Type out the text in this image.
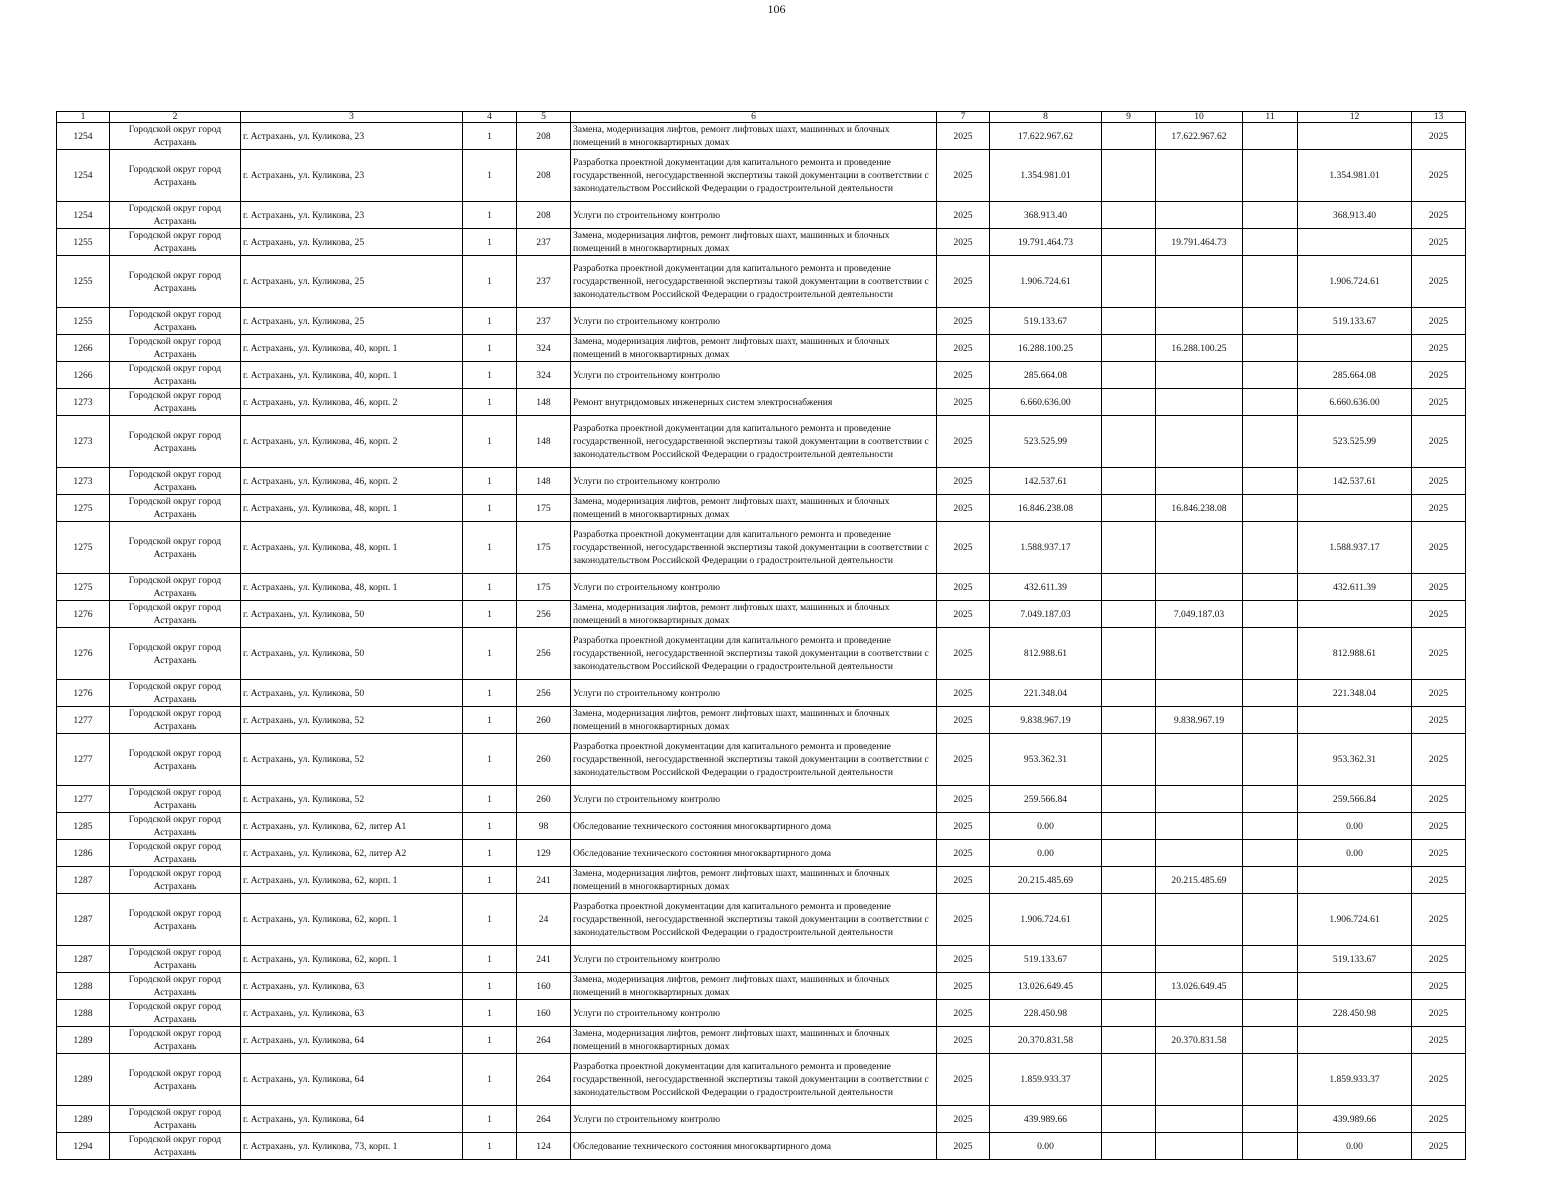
106
1	2	3	4	5	6	7	8	9	10	11	12	13
1254	Городской округ город Астрахань	г. Астрахань, ул. Куликова, 23	1	208	Замена, модернизация лифтов, ремонт лифтовых шахт, машинных и блочных помещений в многоквартирных домах	2025	17.622.967.62		17.622.967.62			2025
1254	Городской округ город Астрахань	г. Астрахань, ул. Куликова, 23	1	208	Разработка проектной документации для капитального ремонта и проведение государственной, негосударственной экспертизы такой документации в соответствии с законодательством Российской Федерации о градостроительной деятельности	2025	1.354.981.01				1.354.981.01	2025
1254	Городской округ город Астрахань	г. Астрахань, ул. Куликова, 23	1	208	Услуги по строительному контролю	2025	368.913.40				368.913.40	2025
1255	Городской округ город Астрахань	г. Астрахань, ул. Куликова, 25	1	237	Замена, модернизация лифтов, ремонт лифтовых шахт, машинных и блочных помещений в многоквартирных домах	2025	19.791.464.73		19.791.464.73			2025
1255	Городской округ город Астрахань	г. Астрахань, ул. Куликова, 25	1	237	Разработка проектной документации для капитального ремонта и проведение государственной, негосударственной экспертизы такой документации в соответствии с законодательством Российской Федерации о градостроительной деятельности	2025	1.906.724.61				1.906.724.61	2025
1255	Городской округ город Астрахань	г. Астрахань, ул. Куликова, 25	1	237	Услуги по строительному контролю	2025	519.133.67				519.133.67	2025
1266	Городской округ город Астрахань	г. Астрахань, ул. Куликова, 40, корп. 1	1	324	Замена, модернизация лифтов, ремонт лифтовых шахт, машинных и блочных помещений в многоквартирных домах	2025	16.288.100.25		16.288.100.25			2025
1266	Городской округ город Астрахань	г. Астрахань, ул. Куликова, 40, корп. 1	1	324	Услуги по строительному контролю	2025	285.664.08				285.664.08	2025
1273	Городской округ город Астрахань	г. Астрахань, ул. Куликова, 46, корп. 2	1	148	Ремонт внутридомовых инженерных систем электроснабжения	2025	6.660.636.00				6.660.636.00	2025
1273	Городской округ город Астрахань	г. Астрахань, ул. Куликова, 46, корп. 2	1	148	Разработка проектной документации для капитального ремонта и проведение государственной, негосударственной экспертизы такой документации в соответствии с законодательством Российской Федерации о градостроительной деятельности	2025	523.525.99				523.525.99	2025
1273	Городской округ город Астрахань	г. Астрахань, ул. Куликова, 46, корп. 2	1	148	Услуги по строительному контролю	2025	142.537.61				142.537.61	2025
1275	Городской округ город Астрахань	г. Астрахань, ул. Куликова, 48, корп. 1	1	175	Замена, модернизация лифтов, ремонт лифтовых шахт, машинных и блочных помещений в многоквартирных домах	2025	16.846.238.08		16.846.238.08			2025
1275	Городской округ город Астрахань	г. Астрахань, ул. Куликова, 48, корп. 1	1	175	Разработка проектной документации для капитального ремонта и проведение государственной, негосударственной экспертизы такой документации в соответствии с законодательством Российской Федерации о градостроительной деятельности	2025	1.588.937.17				1.588.937.17	2025
1275	Городской округ город Астрахань	г. Астрахань, ул. Куликова, 48, корп. 1	1	175	Услуги по строительному контролю	2025	432.611.39				432.611.39	2025
1276	Городской округ город Астрахань	г. Астрахань, ул. Куликова, 50	1	256	Замена, модернизация лифтов, ремонт лифтовых шахт, машинных и блочных помещений в многоквартирных домах	2025	7.049.187.03		7.049.187.03			2025
1276	Городской округ город Астрахань	г. Астрахань, ул. Куликова, 50	1	256	Разработка проектной документации для капитального ремонта и проведение государственной, негосударственной экспертизы такой документации в соответствии с законодательством Российской Федерации о градостроительной деятельности	2025	812.988.61				812.988.61	2025
1276	Городской округ город Астрахань	г. Астрахань, ул. Куликова, 50	1	256	Услуги по строительному контролю	2025	221.348.04				221.348.04	2025
1277	Городской округ город Астрахань	г. Астрахань, ул. Куликова, 52	1	260	Замена, модернизация лифтов, ремонт лифтовых шахт, машинных и блочных помещений в многоквартирных домах	2025	9.838.967.19		9.838.967.19			2025
1277	Городской округ город Астрахань	г. Астрахань, ул. Куликова, 52	1	260	Разработка проектной документации для капитального ремонта и проведение государственной, негосударственной экспертизы такой документации в соответствии с законодательством Российской Федерации о градостроительной деятельности	2025	953.362.31				953.362.31	2025
1277	Городской округ город Астрахань	г. Астрахань, ул. Куликова, 52	1	260	Услуги по строительному контролю	2025	259.566.84				259.566.84	2025
1285	Городской округ город Астрахань	г. Астрахань, ул. Куликова, 62, литер А1	1	98	Обследование технического состояния многоквартирного дома	2025	0.00				0.00	2025
1286	Городской округ город Астрахань	г. Астрахань, ул. Куликова, 62, литер А2	1	129	Обследование технического состояния многоквартирного дома	2025	0.00				0.00	2025
1287	Городской округ город Астрахань	г. Астрахань, ул. Куликова, 62, корп. 1	1	241	Замена, модернизация лифтов, ремонт лифтовых шахт, машинных и блочных помещений в многоквартирных домах	2025	20.215.485.69		20.215.485.69			2025
1287	Городской округ город Астрахань	г. Астрахань, ул. Куликова, 62, корп. 1	1	24	Разработка проектной документации для капитального ремонта и проведение государственной, негосударственной экспертизы такой документации в соответствии с законодательством Российской Федерации о градостроительной деятельности	2025	1.906.724.61				1.906.724.61	2025
1287	Городской округ город Астрахань	г. Астрахань, ул. Куликова, 62, корп. 1	1	241	Услуги по строительному контролю	2025	519.133.67				519.133.67	2025
1288	Городской округ город Астрахань	г. Астрахань, ул. Куликова, 63	1	160	Замена, модернизация лифтов, ремонт лифтовых шахт, машинных и блочных помещений в многоквартирных домах	2025	13.026.649.45		13.026.649.45			2025
1288	Городской округ город Астрахань	г. Астрахань, ул. Куликова, 63	1	160	Услуги по строительному контролю	2025	228.450.98				228.450.98	2025
1289	Городской округ город Астрахань	г. Астрахань, ул. Куликова, 64	1	264	Замена, модернизация лифтов, ремонт лифтовых шахт, машинных и блочных помещений в многоквартирных домах	2025	20.370.831.58		20.370.831.58			2025
1289	Городской округ город Астрахань	г. Астрахань, ул. Куликова, 64	1	264	Разработка проектной документации для капитального ремонта и проведение государственной, негосударственной экспертизы такой документации в соответствии с законодательством Российской Федерации о градостроительной деятельности	2025	1.859.933.37				1.859.933.37	2025
1289	Городской округ город Астрахань	г. Астрахань, ул. Куликова, 64	1	264	Услуги по строительному контролю	2025	439.989.66				439.989.66	2025
1294	Городской округ город Астрахань	г. Астрахань, ул. Куликова, 73, корп. 1	1	124	Обследование технического состояния многоквартирного дома	2025	0.00				0.00	2025
